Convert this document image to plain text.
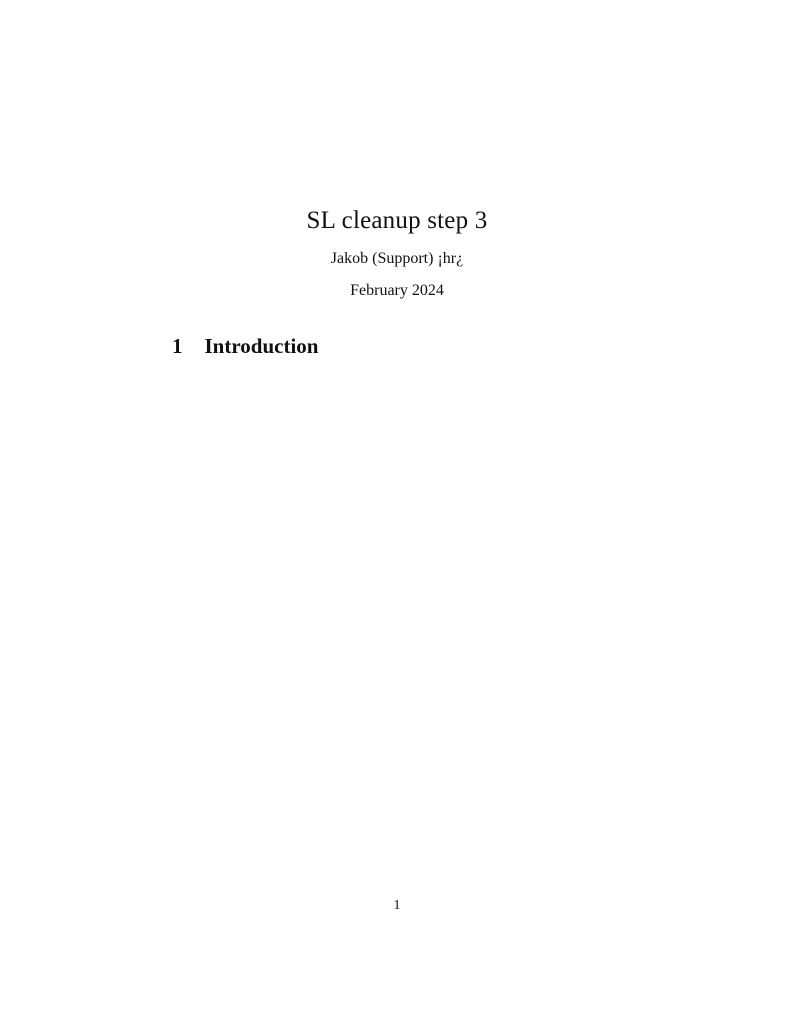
SL cleanup step 3
Jakob (Support) ¡hr¿
February 2024
1 Introduction
1
